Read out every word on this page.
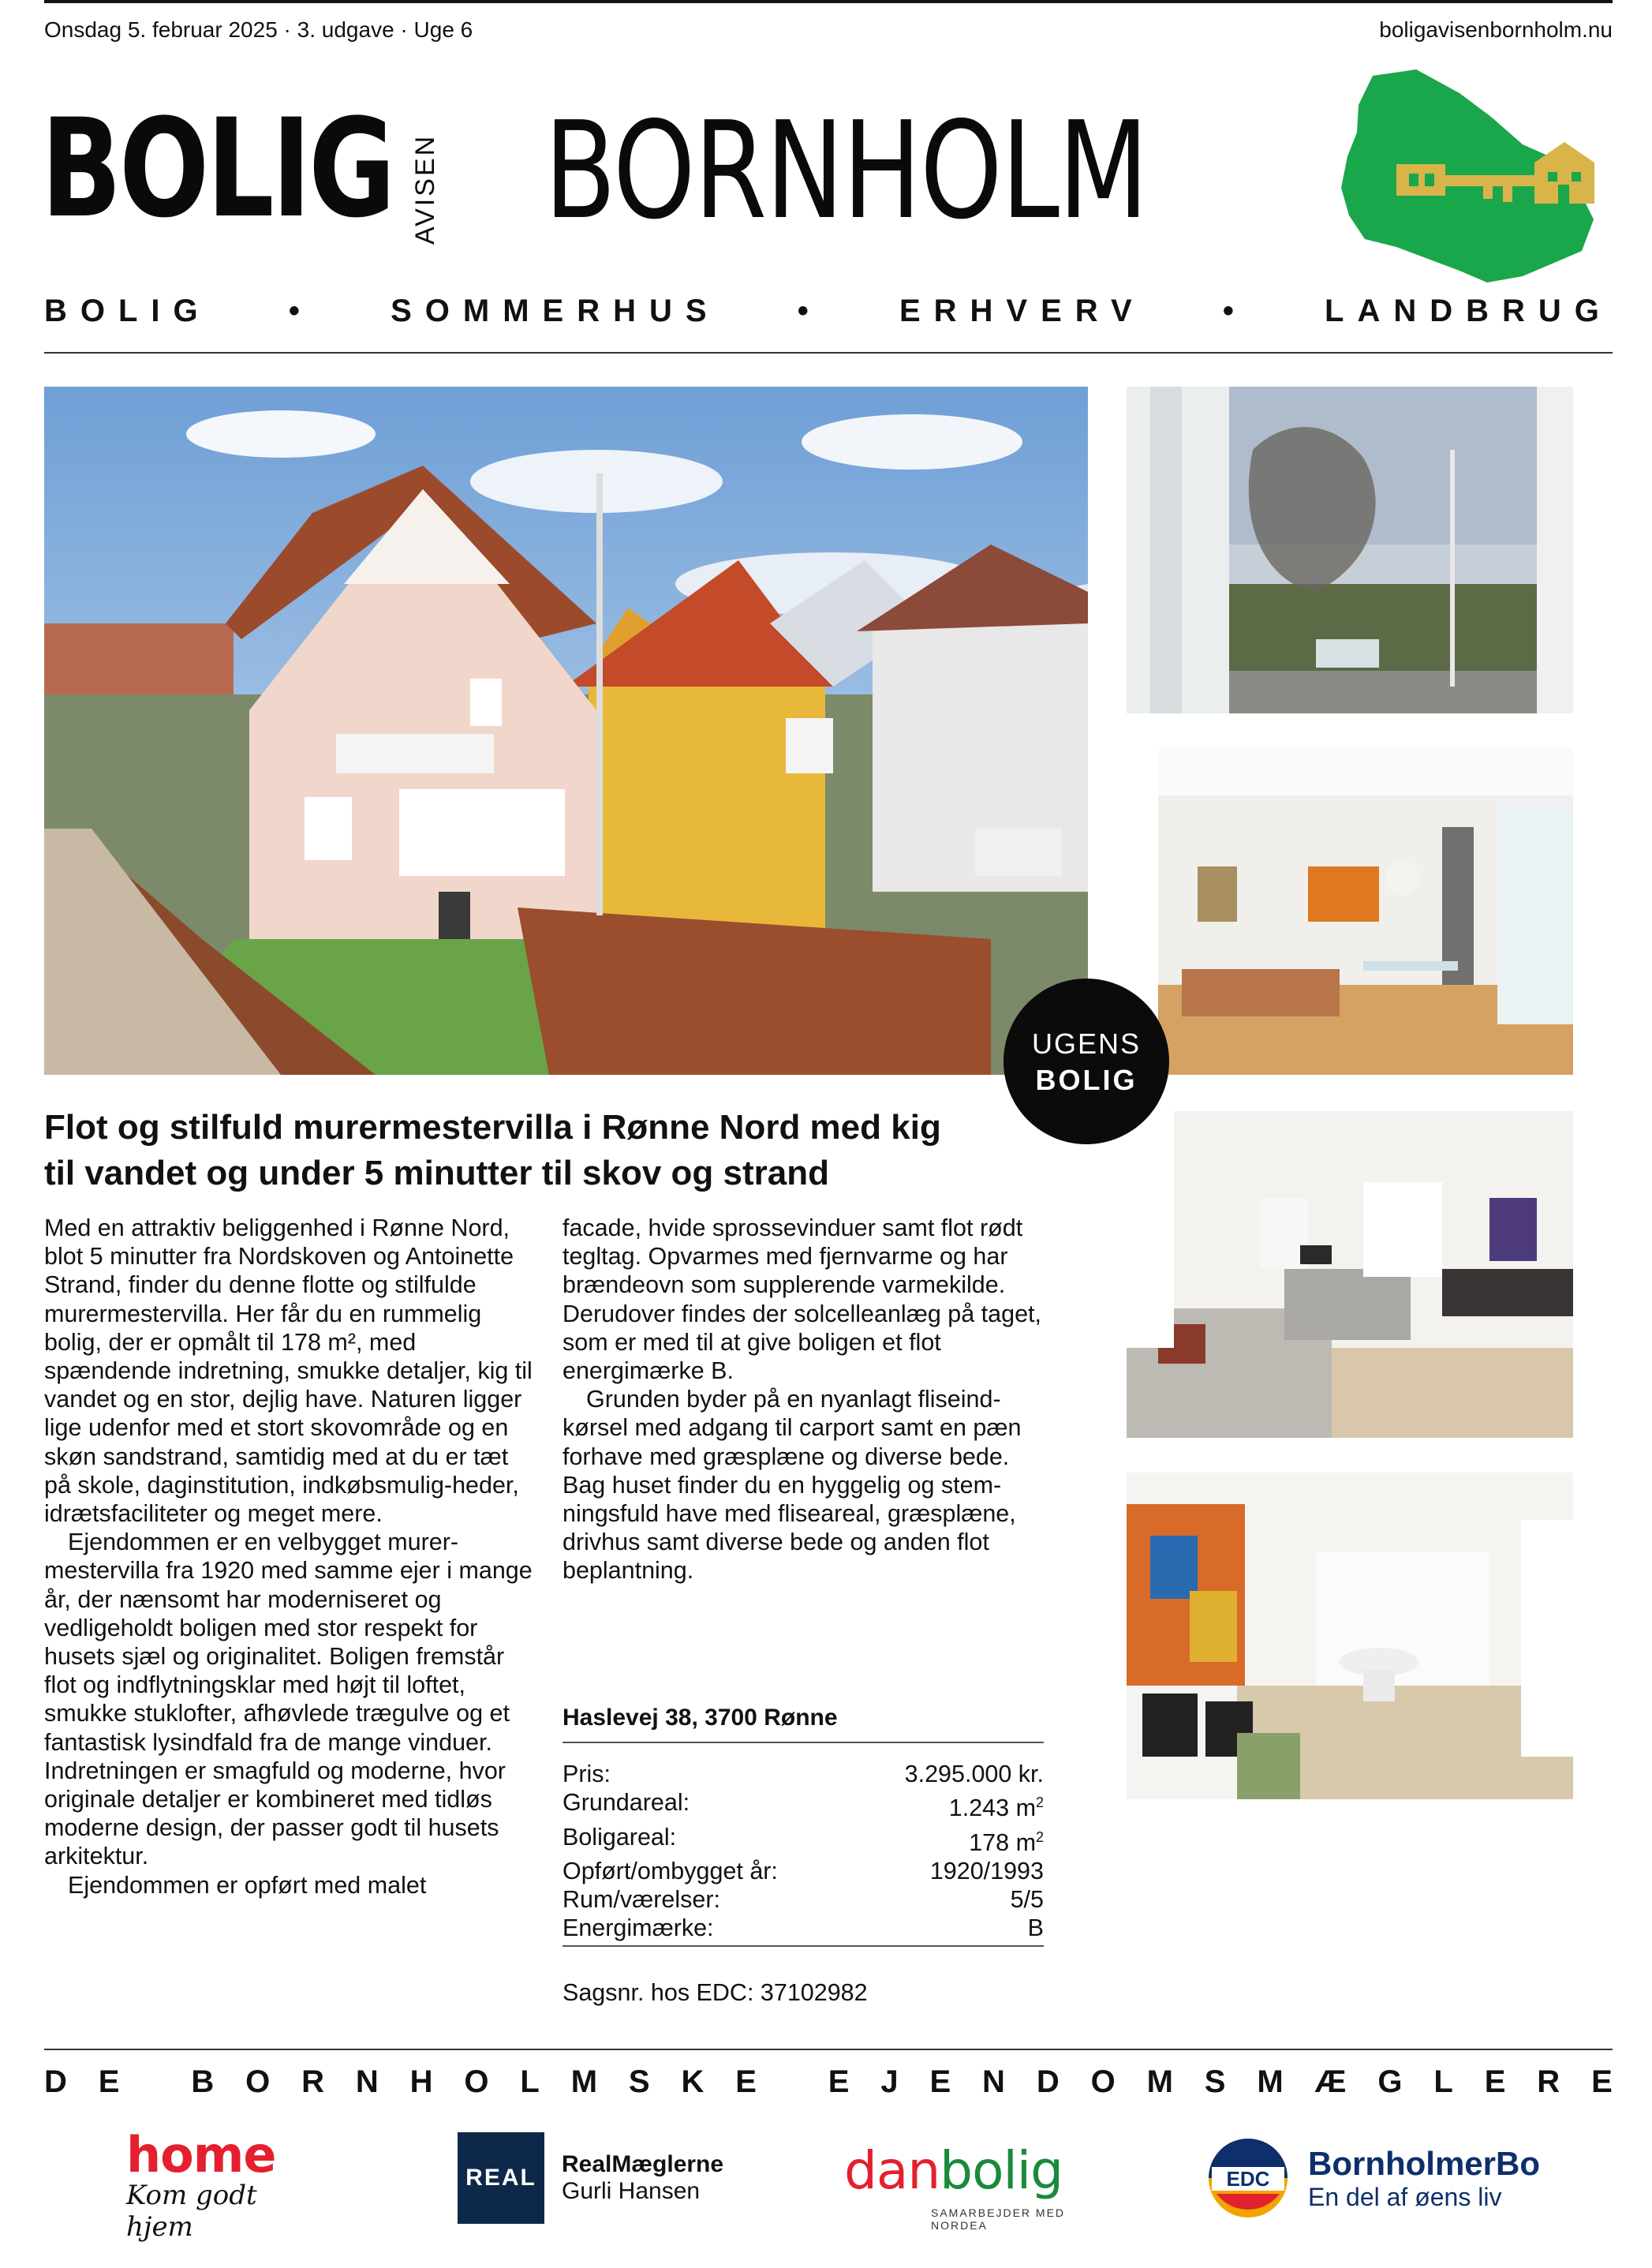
Onsdag 5. februar 2025 · 3. udgave · Uge 6	boligavisenbornholm.nu
BOLIG AVISEN BORNHOLM
BOLIG • SOMMERHUS • ERHVERV • LANDBRUG
UGENS
BOLIG
Flot og stilfuld murermestervilla i Rønne Nord med kig til vandet og under 5 minutter til skov og strand

Med en attraktiv beliggenhed i Rønne Nord, blot 5 minutter fra Nordskoven og Antoinette Strand, finder du denne flotte og stilfulde murermestervilla. Her får du en rummelig bolig, der er opmålt til 178 m², med spændende indretning, smukke detaljer, kig til vandet og en stor, dejlig have. Naturen ligger lige udenfor med et stort skovområde og en skøn sandstrand, samtidig med at du er tæt på skole, daginstitution, indkøbsmulig-heder, idrætsfaciliteter og meget mere.

Ejendommen er en velbygget murer-mestervilla fra 1920 med samme ejer i mange år, der nænsomt har moderniseret og vedligeholdt boligen med stor respekt for husets sjæl og originalitet. Boligen fremstår flot og indflytningsklar med højt til loftet, smukke stuklofter, afhøvlede trægulve og et fantastisk lysindfald fra de mange vinduer. Indretningen er smagfuld og moderne, hvor originale detaljer er kombineret med tidløs moderne design, der passer godt til husets arkitektur.

Ejendommen er opført med malet

facade, hvide sprossevinduer samt flot rødt tegltag. Opvarmes med fjernvarme og har brændeovn som supplerende varmekilde. Derudover findes der solcelleanlæg på taget, som er med til at give boligen et flot energimærke B.

Grunden byder på en nyanlagt fliseind-kørsel med adgang til carport samt en pæn forhave med græsplæne og diverse bede. Bag huset finder du en hyggelig og stem-ningsfuld have med fliseareal, græsplæne, drivhus samt diverse bede og anden flot beplantning.

Haslevej 38, 3700 Rønne
Pris:	3.295.000 kr.
Grundareal:	1.243 $m^2$
Boligareal:	178 $m^2$
Opført/ombygget år:	1920/1993
Rum/værelser:	5/5
Energimærke:	B
Sagsnr. hos EDC: 37102982
D E
B O R N H O L M S K E
E J E N D O M S M Æ G L E R E
home
Kom godt hjem
REAL
RealMæglerne
Gurli Hansen	danbolig
SAMARBEJDER MED NORDEA
EDC BornholmerBo
En del af øens liv
